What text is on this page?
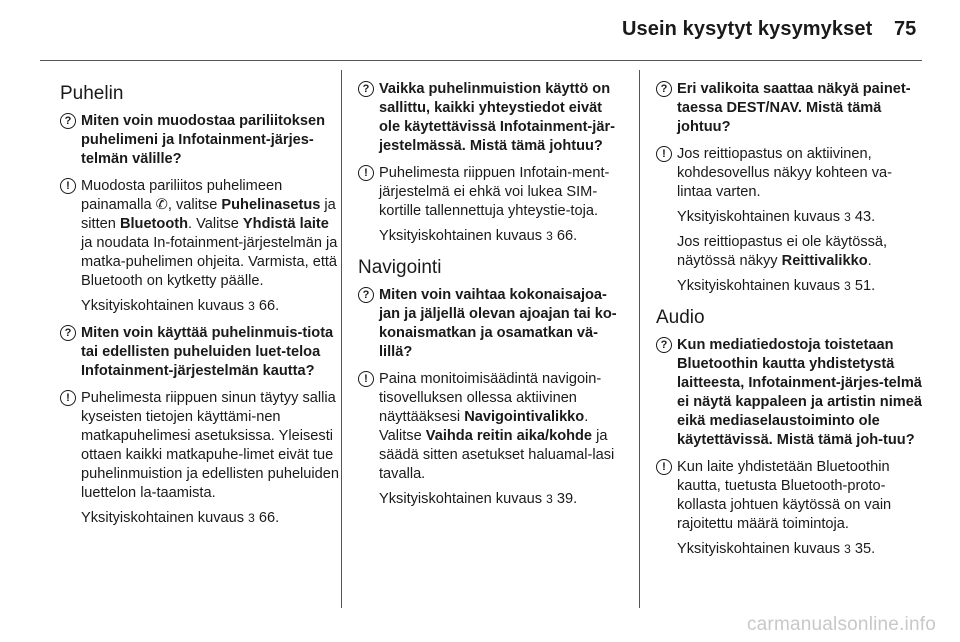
Usein kysytyt kysymykset 75
Puhelin
? Miten voin muodostaa pariliitoksen puhelimeni ja Infotainment-järjes-telmän välille?
! Muodosta pariliitos puhelimeen painamalla ✆, valitse Puhelinasetus ja sitten Bluetooth. Valitse Yhdistä laite ja noudata In-fotainment-järjestelmän ja matka-puhelimen ohjeita. Varmista, että Bluetooth on kytketty päälle.

Yksityiskohtainen kuvaus 3 66.

? Miten voin käyttää puhelinmuis-tiota tai edellisten puheluiden luet-teloa Infotainment-järjestelmän kautta?
! Puhelimesta riippuen sinun täytyy sallia kyseisten tietojen käyttämi-nen matkapuhelimesi asetuksissa. Yleisesti ottaen kaikki matkapuhe-limet eivät tue puhelinmuistion ja edellisten puheluiden luettelon la-taamista.

Yksityiskohtainen kuvaus 3 66.

? Vaikka puhelinmuistion käyttö on sallittu, kaikki yhteystiedot eivät ole käytettävissä Infotainment-jär-jestelmässä. Mistä tämä johtuu?
! Puhelimesta riippuen Infotain-ment-järjestelmä ei ehkä voi lukea SIM-kortille tallennettuja yhteystie-toja.

Yksityiskohtainen kuvaus 3 66.

Navigointi
? Miten voin vaihtaa kokonaisajoa-jan ja jäljellä olevan ajoajan tai ko-konaismatkan ja osamatkan vä-lillä?
! Paina monitoimisäädintä navigoin-tisovelluksen ollessa aktiivinen näyttääksesi Navigointivalikko. Valitse Vaihda reitin aika/kohde ja säädä sitten asetukset haluamal-lasi tavalla.

Yksityiskohtainen kuvaus 3 39.

? Eri valikoita saattaa näkyä painet-taessa DEST/NAV. Mistä tämä johtuu?
! Jos reittiopastus on aktiivinen, kohdesovellus näkyy kohteen va-lintaa varten.

Yksityiskohtainen kuvaus 3 43.

Jos reittiopastus ei ole käytössä, näytössä näkyy Reittivalikko.

Yksityiskohtainen kuvaus 3 51.

Audio
? Kun mediatiedostoja toistetaan Bluetoothin kautta yhdistetystä laitteesta, Infotainment-järjes-telmä ei näytä kappaleen ja artistin nimeä eikä mediaselaustoiminto ole käytettävissä. Mistä tämä joh-tuu?
! Kun laite yhdistetään Bluetoothin kautta, tuetusta Bluetooth-proto-kollasta johtuen käytössä on vain rajoitettu määrä toimintoja.

Yksityiskohtainen kuvaus 3 35.

carmanualsonline.info
